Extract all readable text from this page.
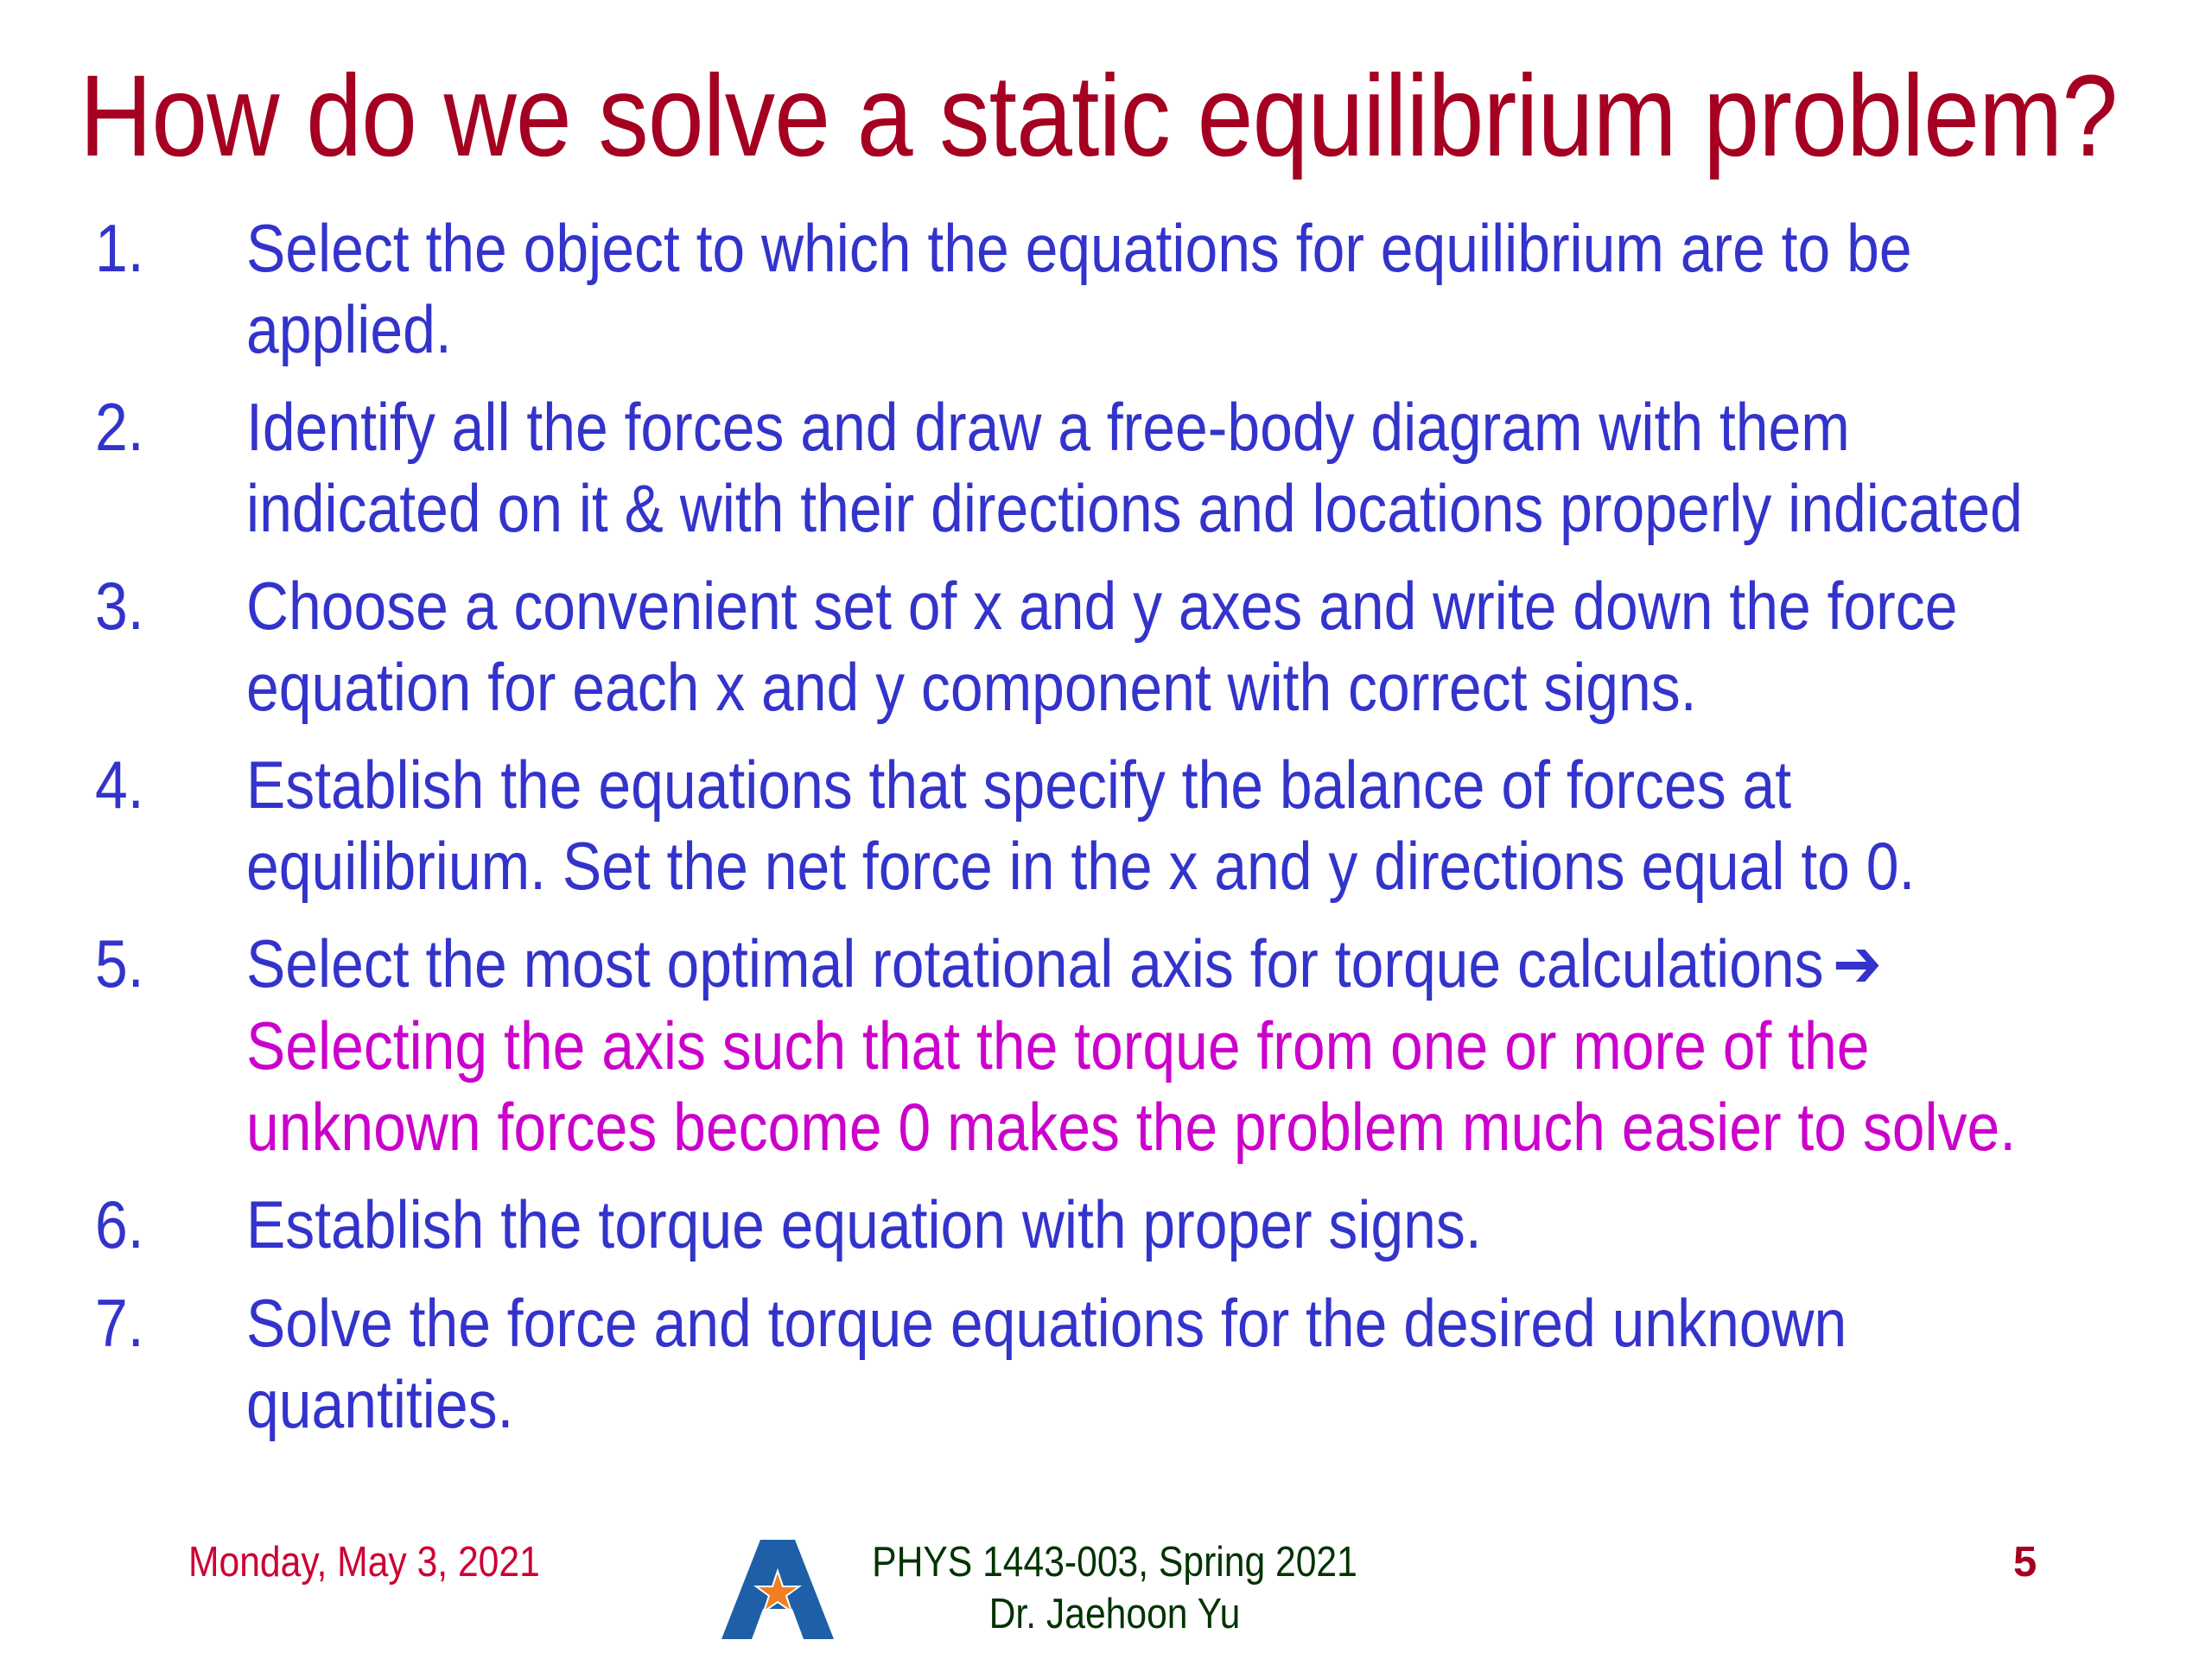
How do we solve a static equilibrium problem?
1. Select the object to which the equations for equilibrium are to be
applied.
2. Identify all the forces and draw a free-body diagram with them
indicated on it & with their directions and locations properly indicated
3. Choose a convenient set of x and y axes and write down the force
equation for each x and y component with correct signs.
4. Establish the equations that specify the balance of forces at
equilibrium. Set the net force in the x and y directions equal to 0.
5. Select the most optimal rotational axis for torque calculations ➔
Selecting the axis such that the torque from one or more of the
unknown forces become 0 makes the problem much easier to solve.
6. Establish the torque equation with proper signs.
7. Solve the force and torque equations for the desired unknown
quantities.
Monday, May 3, 2021	PHYS 1443-003, Spring 2021
Dr. Jaehoon Yu
5
